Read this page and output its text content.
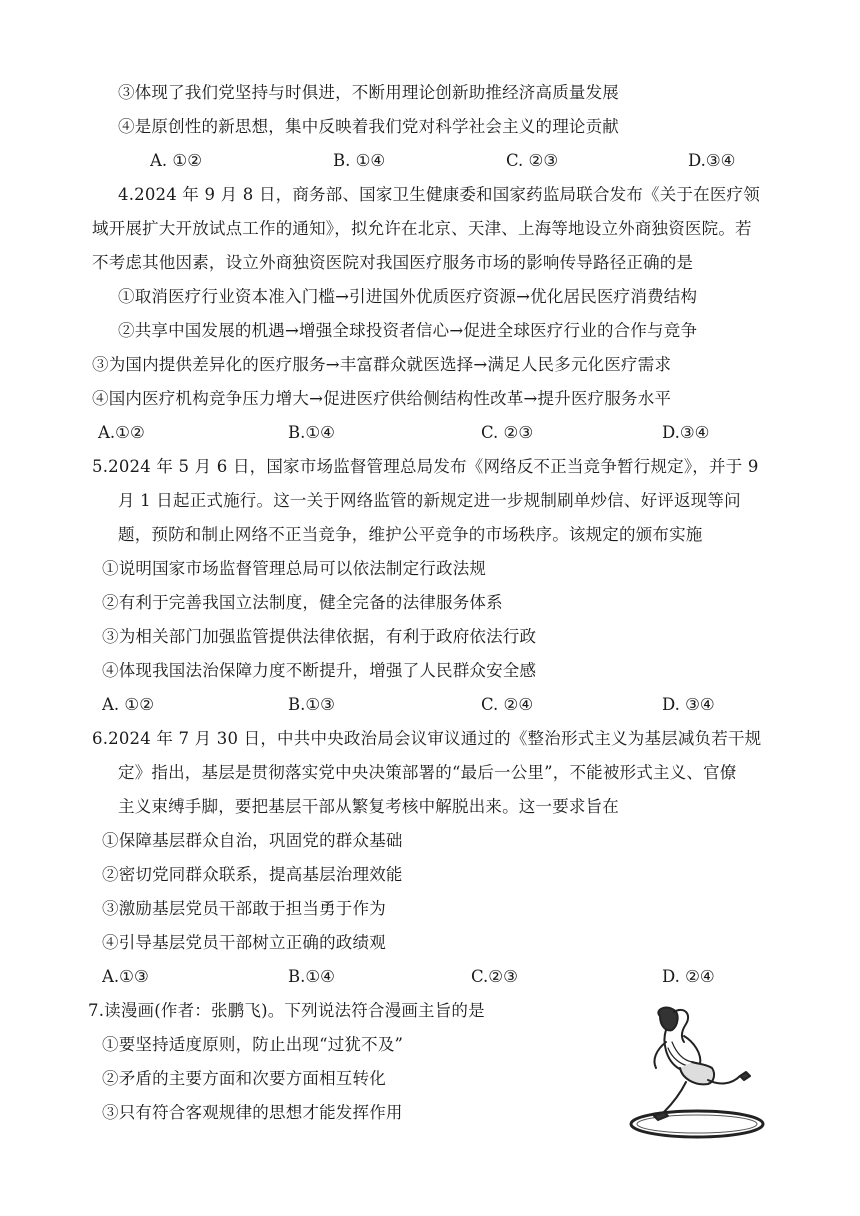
③体现了我们党坚持与时俱进，不断用理论创新助推经济高质量发展
④是原创性的新思想，集中反映着我们党对科学社会主义的理论贡献
A. ①②	B. ①④	C. ②③	D.③④
4.2024 年 9 月 8 日，商务部、国家卫生健康委和国家药监局联合发布《关于在医疗领
域开展扩大开放试点工作的通知》，拟允许在北京、天津、上海等地设立外商独资医院。若
不考虑其他因素，设立外商独资医院对我国医疗服务市场的影响传导路径正确的是
①取消医疗行业资本准入门槛→引进国外优质医疗资源→优化居民医疗消费结构
②共享中国发展的机遇→增强全球投资者信心→促进全球医疗行业的合作与竞争
③为国内提供差异化的医疗服务→丰富群众就医选择→满足人民多元化医疗需求
④国内医疗机构竞争压力增大→促进医疗供给侧结构性改革→提升医疗服务水平
A.①②	B.①④	C. ②③	D.③④
5.2024 年 5 月 6 日，国家市场监督管理总局发布《网络反不正当竞争暂行规定》，并于 9
月 1 日起正式施行。这一关于网络监管的新规定进一步规制刷单炒信、好评返现等问
题，预防和制止网络不正当竞争，维护公平竞争的市场秩序。该规定的颁布实施
①说明国家市场监督管理总局可以依法制定行政法规
②有利于完善我国立法制度，健全完备的法律服务体系
③为相关部门加强监管提供法律依据，有利于政府依法行政
④体现我国法治保障力度不断提升，增强了人民群众安全感
A. ①②	B.①③	C. ②④	D. ③④
6.2024 年 7 月 30 日，中共中央政治局会议审议通过的《整治形式主义为基层减负若干规
定》指出，基层是贯彻落实党中央决策部署的“最后一公里”，不能被形式主义、官僚
主义束缚手脚，要把基层干部从繁复考核中解脱出来。这一要求旨在
①保障基层群众自治，巩固党的群众基础
②密切党同群众联系，提高基层治理效能
③激励基层党员干部敢于担当勇于作为
④引导基层党员干部树立正确的政绩观
A.①③	B.①④	C.②③	D. ②④
7.读漫画(作者：张鹏飞)。下列说法符合漫画主旨的是
①要坚持适度原则，防止出现“过犹不及”
②矛盾的主要方面和次要方面相互转化
③只有符合客观规律的思想才能发挥作用
